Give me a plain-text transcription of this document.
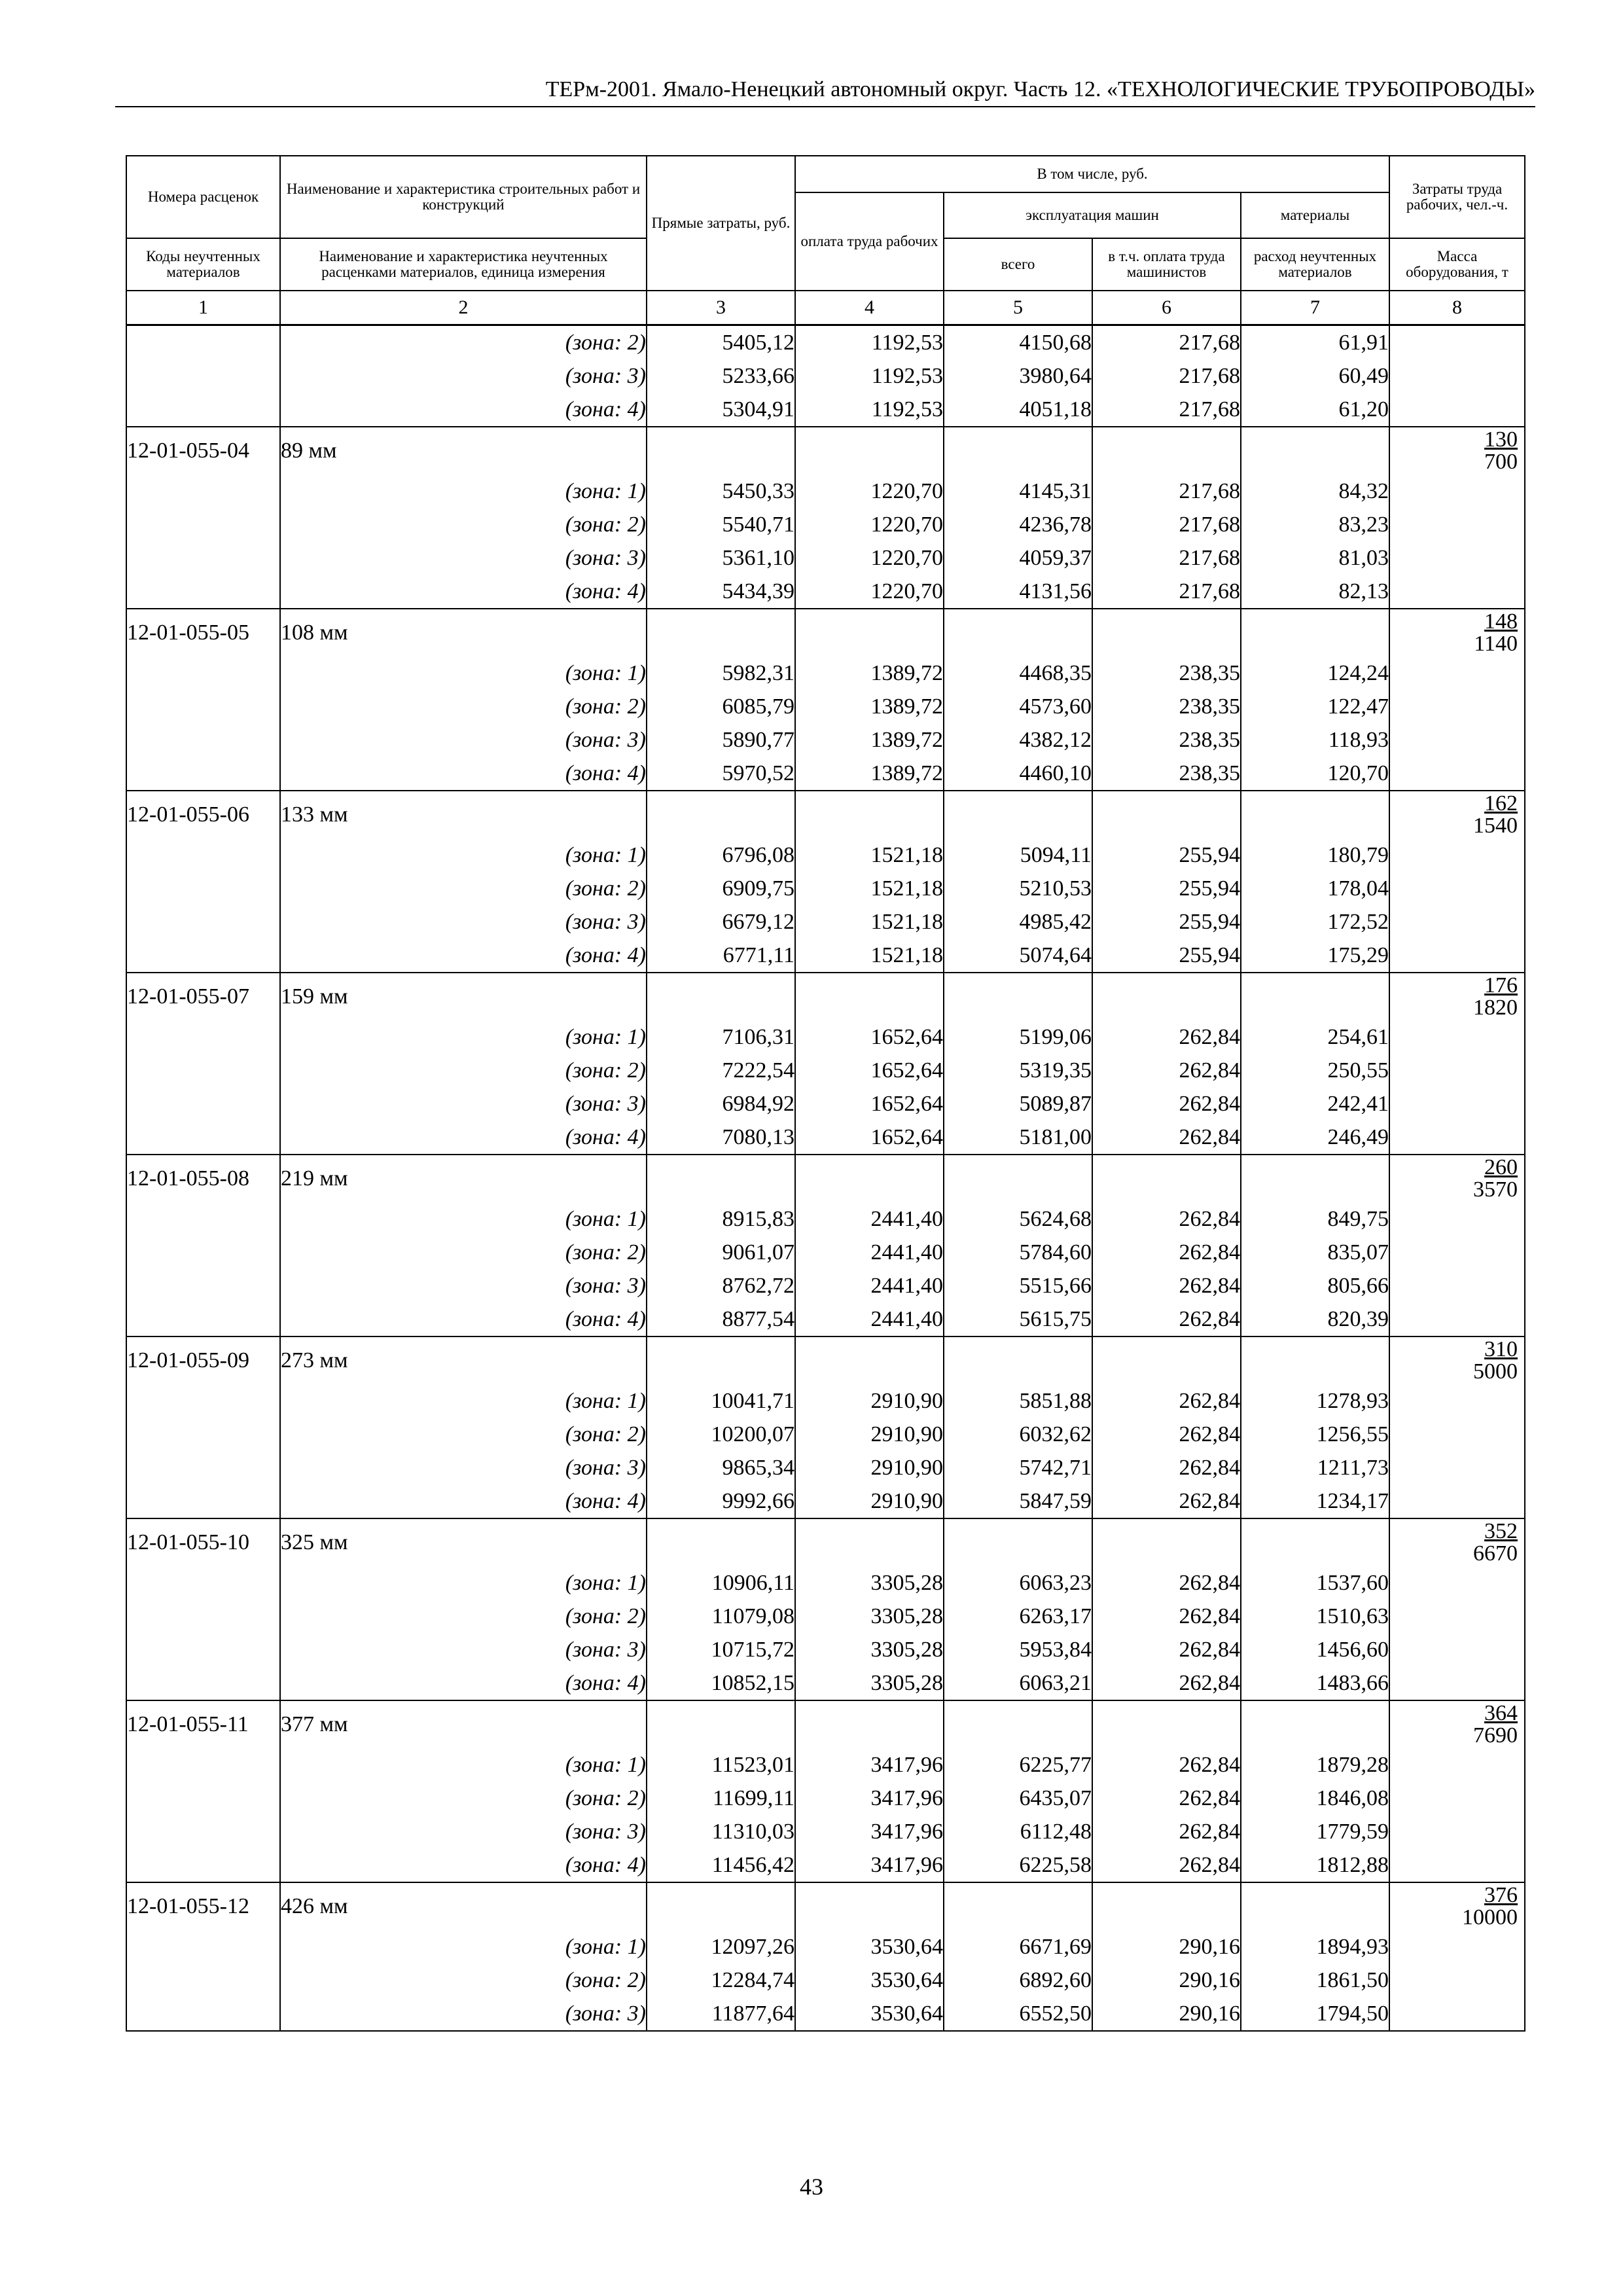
ТЕРм-2001. Ямало-Ненецкий автономный округ. Часть 12. «ТЕХНОЛОГИЧЕСКИЕ ТРУБОПРОВОДЫ»
Номера расценок	Наименование и характеристика строительных работ и конструкций	Прямые затраты, руб.	В том числе, руб.				Затраты труда рабочих, чел.-ч.
			оплата труда рабочих	эксплуатация машин		материалы	
Коды неучтенных материалов	Наименование и характеристика неучтенных расценками материалов, единица измерения			всего	в т.ч. оплата труда машинистов	расход неучтенных материалов	Масса оборудования, т
1	2	3	4	5	6	7	8
	(зона: 2)	5405,12	1192,53	4150,68	217,68	61,91	
	(зона: 3)	5233,66	1192,53	3980,64	217,68	60,49	
	(зона: 4)	5304,91	1192,53	4051,18	217,68	61,20	
12-01-055-04	89 мм						130
700

	(зона: 1)	5450,33	1220,70	4145,31	217,68	84,32	
	(зона: 2)	5540,71	1220,70	4236,78	217,68	83,23	
	(зона: 3)	5361,10	1220,70	4059,37	217,68	81,03	
	(зона: 4)	5434,39	1220,70	4131,56	217,68	82,13	
12-01-055-05	108 мм						148
1140

	(зона: 1)	5982,31	1389,72	4468,35	238,35	124,24	
	(зона: 2)	6085,79	1389,72	4573,60	238,35	122,47	
	(зона: 3)	5890,77	1389,72	4382,12	238,35	118,93	
	(зона: 4)	5970,52	1389,72	4460,10	238,35	120,70	
12-01-055-06	133 мм						162
1540

	(зона: 1)	6796,08	1521,18	5094,11	255,94	180,79	
	(зона: 2)	6909,75	1521,18	5210,53	255,94	178,04	
	(зона: 3)	6679,12	1521,18	4985,42	255,94	172,52	
	(зона: 4)	6771,11	1521,18	5074,64	255,94	175,29	
12-01-055-07	159 мм						176
1820

	(зона: 1)	7106,31	1652,64	5199,06	262,84	254,61	
	(зона: 2)	7222,54	1652,64	5319,35	262,84	250,55	
	(зона: 3)	6984,92	1652,64	5089,87	262,84	242,41	
	(зона: 4)	7080,13	1652,64	5181,00	262,84	246,49	
12-01-055-08	219 мм						260
3570

	(зона: 1)	8915,83	2441,40	5624,68	262,84	849,75	
	(зона: 2)	9061,07	2441,40	5784,60	262,84	835,07	
	(зона: 3)	8762,72	2441,40	5515,66	262,84	805,66	
	(зона: 4)	8877,54	2441,40	5615,75	262,84	820,39	
12-01-055-09	273 мм						310
5000

	(зона: 1)	10041,71	2910,90	5851,88	262,84	1278,93	
	(зона: 2)	10200,07	2910,90	6032,62	262,84	1256,55	
	(зона: 3)	9865,34	2910,90	5742,71	262,84	1211,73	
	(зона: 4)	9992,66	2910,90	5847,59	262,84	1234,17	
12-01-055-10	325 мм						352
6670

	(зона: 1)	10906,11	3305,28	6063,23	262,84	1537,60	
	(зона: 2)	11079,08	3305,28	6263,17	262,84	1510,63	
	(зона: 3)	10715,72	3305,28	5953,84	262,84	1456,60	
	(зона: 4)	10852,15	3305,28	6063,21	262,84	1483,66	
12-01-055-11	377 мм						364
7690

	(зона: 1)	11523,01	3417,96	6225,77	262,84	1879,28	
	(зона: 2)	11699,11	3417,96	6435,07	262,84	1846,08	
	(зона: 3)	11310,03	3417,96	6112,48	262,84	1779,59	
	(зона: 4)	11456,42	3417,96	6225,58	262,84	1812,88	
12-01-055-12	426 мм						376
10000

	(зона: 1)	12097,26	3530,64	6671,69	290,16	1894,93	
	(зона: 2)	12284,74	3530,64	6892,60	290,16	1861,50	
	(зона: 3)	11877,64	3530,64	6552,50	290,16	1794,50	
43
